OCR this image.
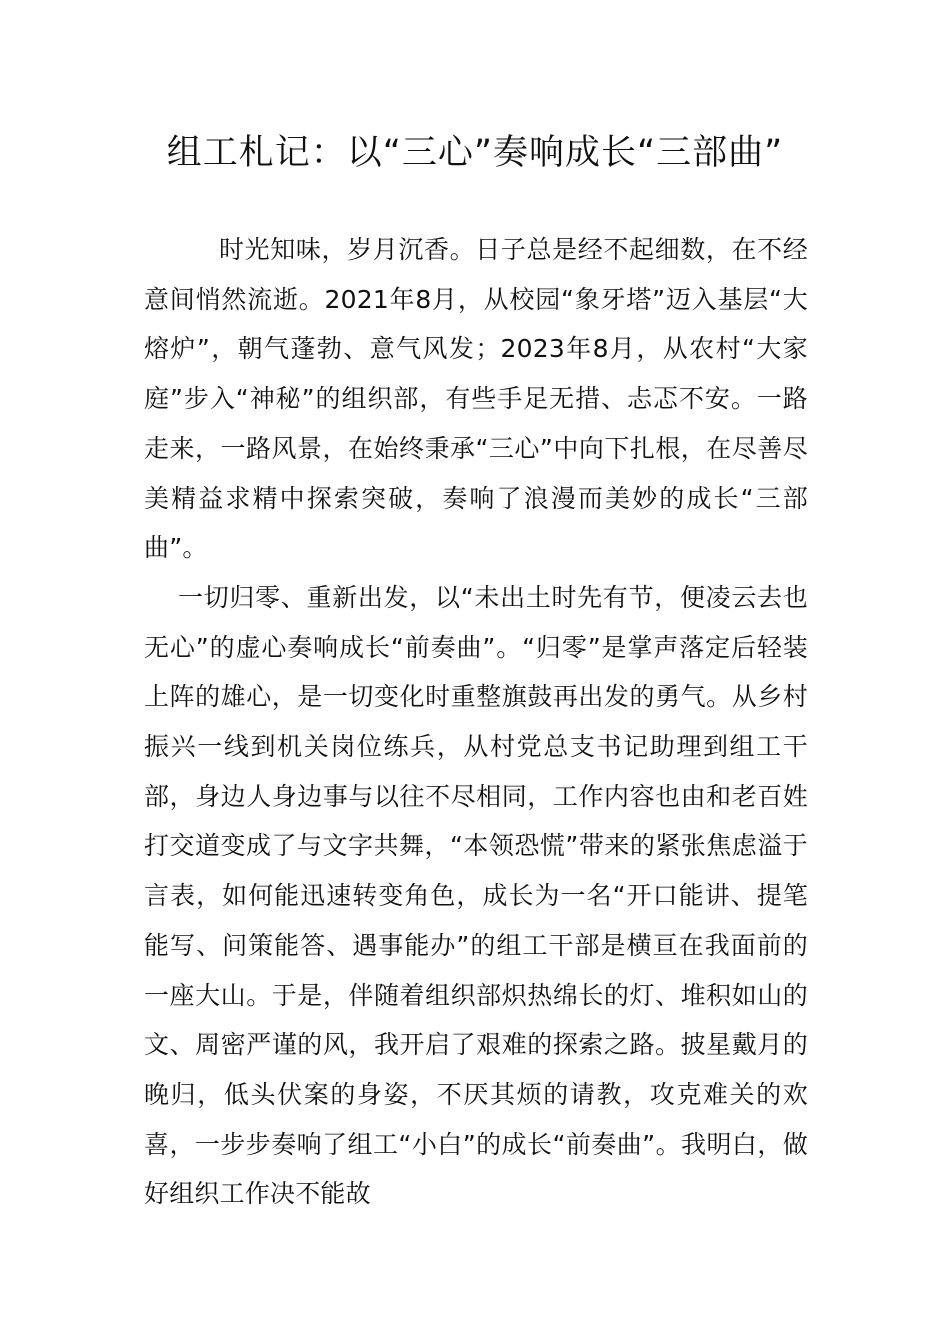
组工札记：以“三心”奏响成长“三部曲”

时光知味，岁月沉香。日子总是经不起细数，在不经意间悄然流逝。2021年8月，从校园“象牙塔”迈入基层“大熔炉”，朝气蓬勃、意气风发；2023年8月，从农村“大家庭”步入“神秘”的组织部，有些手足无措、忐忑不安。一路走来，一路风景，在始终秉承“三心”中向下扎根，在尽善尽美精益求精中探索突破，奏响了浪漫而美妙的成长“三部曲”。

一切归零、重新出发，以“未出土时先有节，便凌云去也无心”的虚心奏响成长“前奏曲”。“归零”是掌声落定后轻装上阵的雄心，是一切变化时重整旗鼓再出发的勇气。从乡村振兴一线到机关岗位练兵，从村党总支书记助理到组工干部，身边人身边事与以往不尽相同，工作内容也由和老百姓打交道变成了与文字共舞，“本领恐慌”带来的紧张焦虑溢于言表，如何能迅速转变角色，成长为一名“开口能讲、提笔能写、问策能答、遇事能办”的组工干部是横亘在我面前的一座大山。于是，伴随着组织部炽热绵长的灯、堆积如山的文、周密严谨的风，我开启了艰难的探索之路。披星戴月的晚归，低头伏案的身姿，不厌其烦的请教，攻克难关的欢喜，一步步奏响了组工“小白”的成长“前奏曲”。我明白，做好组织工作决不能故
